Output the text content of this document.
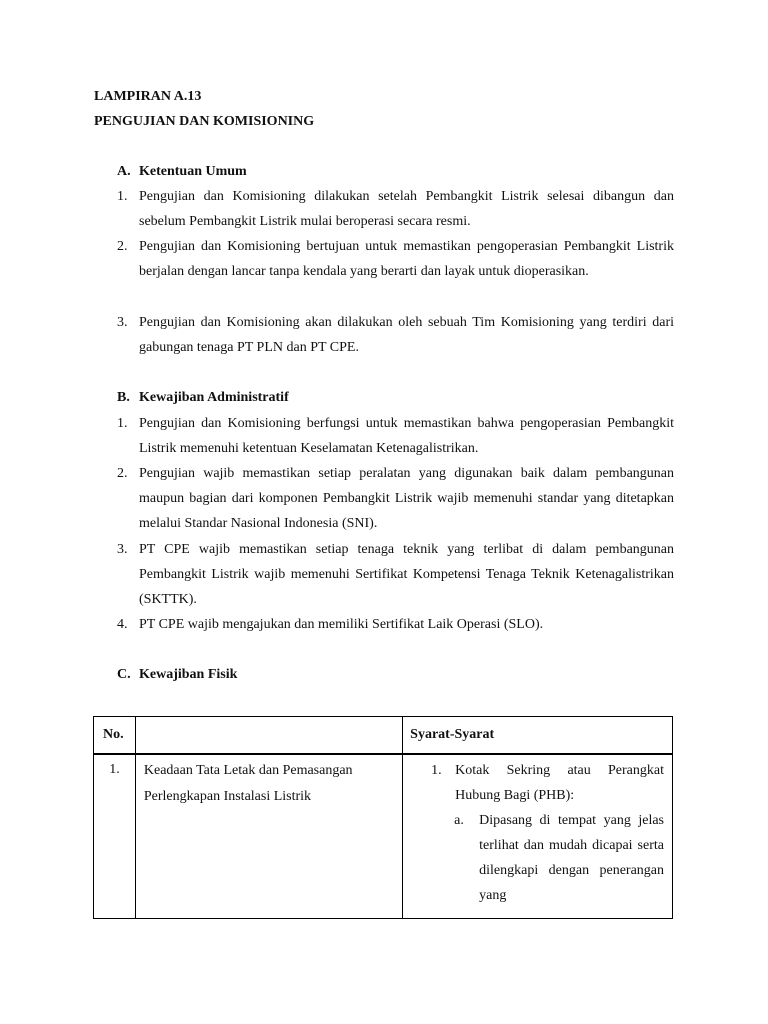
LAMPIRAN A.13
PENGUJIAN DAN KOMISIONING
A. Ketentuan Umum
1. Pengujian dan Komisioning dilakukan setelah Pembangkit Listrik selesai dibangun dan sebelum Pembangkit Listrik mulai beroperasi secara resmi.
2. Pengujian dan Komisioning bertujuan untuk memastikan pengoperasian Pembangkit Listrik berjalan dengan lancar tanpa kendala yang berarti dan layak untuk dioperasikan.
3. Pengujian dan Komisioning akan dilakukan oleh sebuah Tim Komisioning yang terdiri dari gabungan tenaga PT PLN dan PT CPE.
B. Kewajiban Administratif
1. Pengujian dan Komisioning berfungsi untuk memastikan bahwa pengoperasian Pembangkit Listrik memenuhi ketentuan Keselamatan Ketenagalistrikan.
2. Pengujian wajib memastikan setiap peralatan yang digunakan baik dalam pembangunan maupun bagian dari komponen Pembangkit Listrik wajib memenuhi standar yang ditetapkan melalui Standar Nasional Indonesia (SNI).
3. PT CPE wajib memastikan setiap tenaga teknik yang terlibat di dalam pembangunan Pembangkit Listrik wajib memenuhi Sertifikat Kompetensi Tenaga Teknik Ketenagalistrikan (SKTTK).
4. PT CPE wajib mengajukan dan memiliki Sertifikat Laik Operasi (SLO).
C. Kewajiban Fisik
No.		Syarat-Syarat
1.	Keadaan Tata Letak dan Pemasangan Perlengkapan Instalasi Listrik	1. Kotak Sekring atau Perangkat Hubung Bagi (PHB):
a. Dipasang di tempat yang jelas terlihat dan mudah dicapai serta dilengkapi dengan penerangan yang
